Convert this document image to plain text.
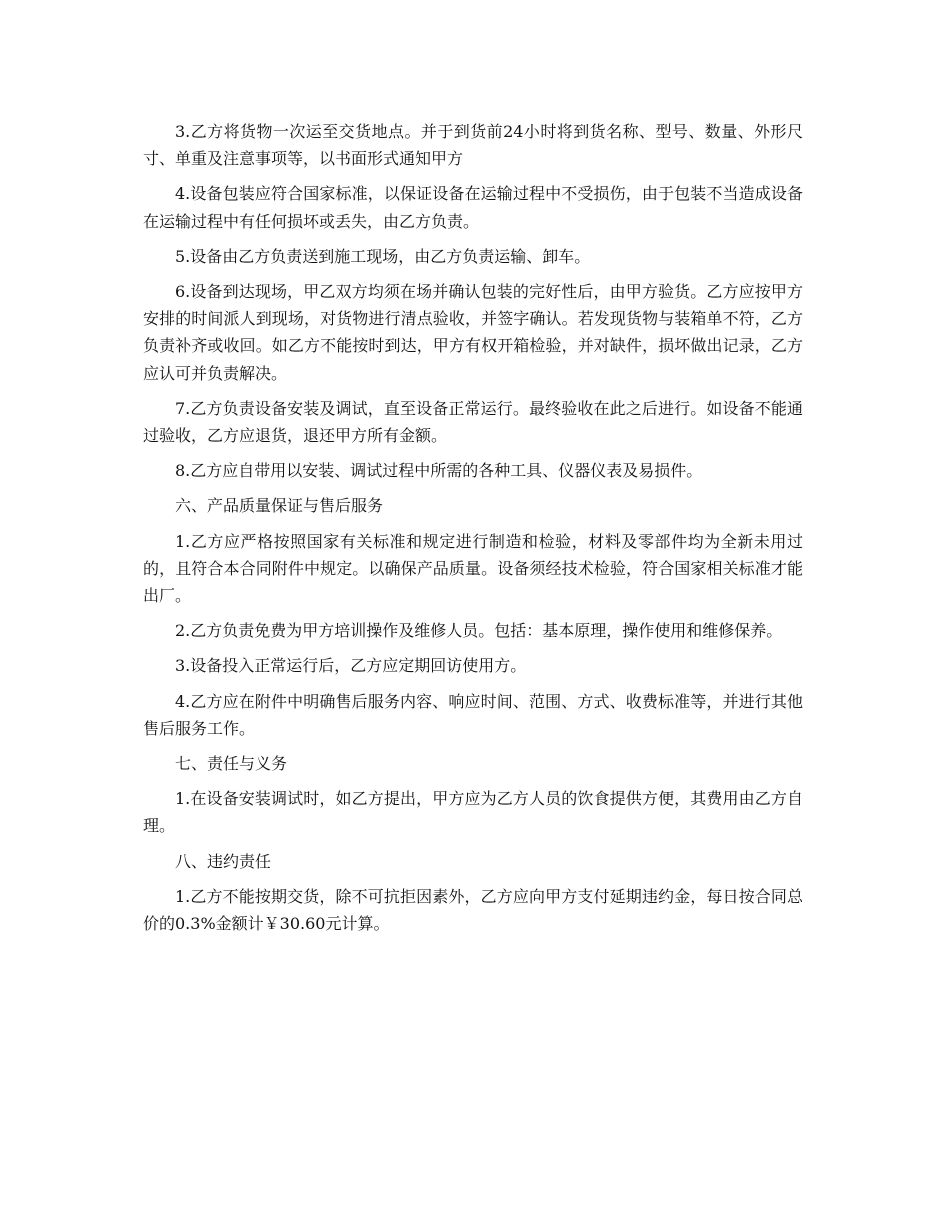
3.乙方将货物一次运至交货地点。并于到货前24小时将到货名称、型号、数量、外形尺寸、单重及注意事项等，以书面形式通知甲方

4.设备包装应符合国家标准，以保证设备在运输过程中不受损伤，由于包装不当造成设备在运输过程中有任何损坏或丢失，由乙方负责。

5.设备由乙方负责送到施工现场，由乙方负责运输、卸车。

6.设备到达现场，甲乙双方均须在场并确认包装的完好性后，由甲方验货。乙方应按甲方安排的时间派人到现场，对货物进行清点验收，并签字确认。若发现货物与装箱单不符，乙方负责补齐或收回。如乙方不能按时到达，甲方有权开箱检验，并对缺件，损坏做出记录，乙方应认可并负责解决。

7.乙方负责设备安装及调试，直至设备正常运行。最终验收在此之后进行。如设备不能通过验收，乙方应退货，退还甲方所有金额。

8.乙方应自带用以安装、调试过程中所需的各种工具、仪器仪表及易损件。

六、产品质量保证与售后服务

1.乙方应严格按照国家有关标准和规定进行制造和检验，材料及零部件均为全新未用过的，且符合本合同附件中规定。以确保产品质量。设备须经技术检验，符合国家相关标准才能出厂。

2.乙方负责免费为甲方培训操作及维修人员。包括：基本原理，操作使用和维修保养。

3.设备投入正常运行后，乙方应定期回访使用方。

4.乙方应在附件中明确售后服务内容、响应时间、范围、方式、收费标准等，并进行其他售后服务工作。

七、责任与义务

1.在设备安装调试时，如乙方提出，甲方应为乙方人员的饮食提供方便，其费用由乙方自理。

八、违约责任

1.乙方不能按期交货，除不可抗拒因素外，乙方应向甲方支付延期违约金，每日按合同总价的0.3%金额计￥30.60元计算。
